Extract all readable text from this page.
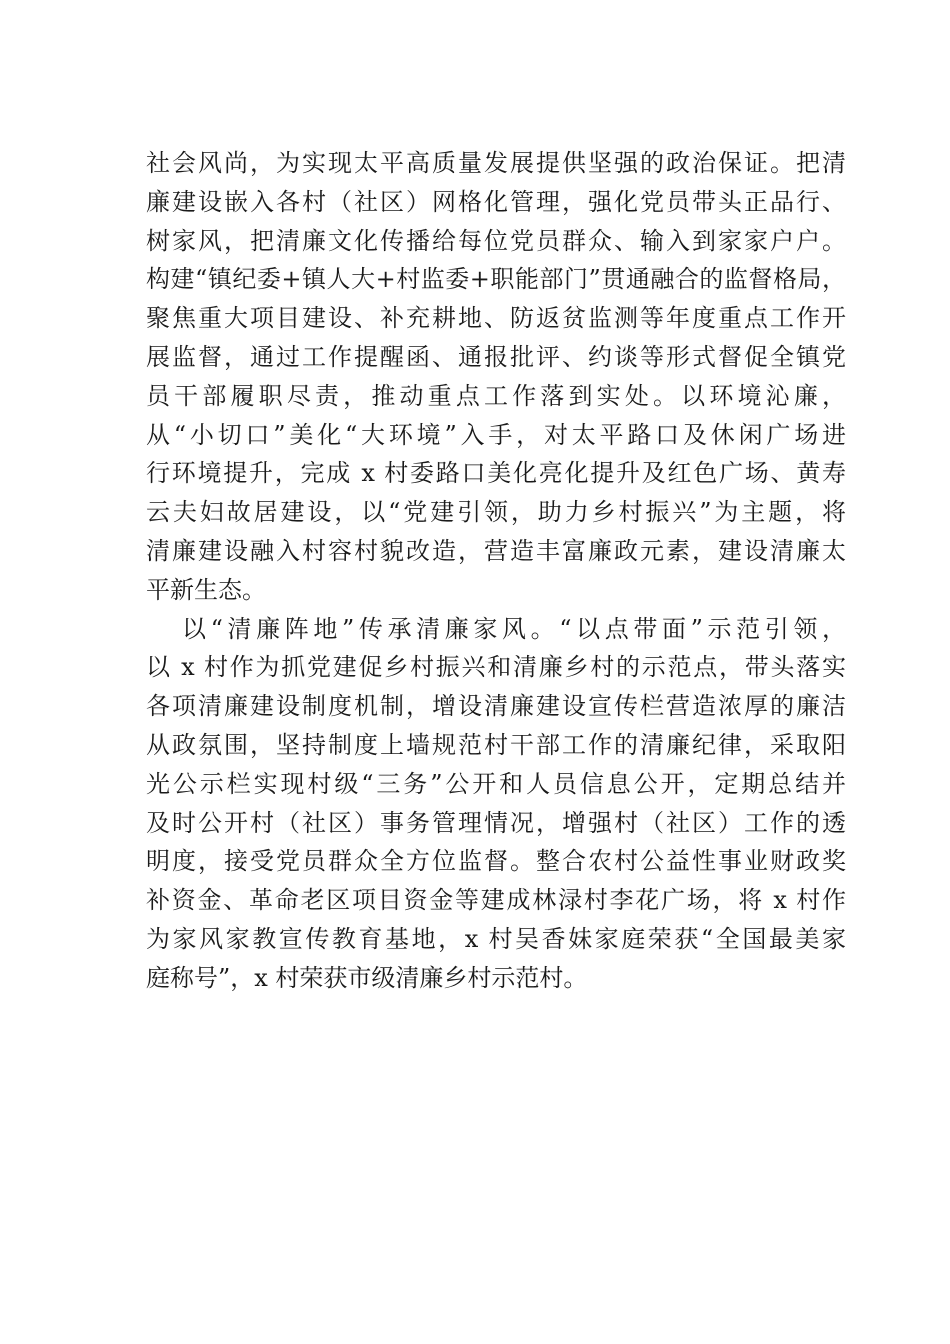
社会风尚，为实现太平高质量发展提供坚强的政治保证。把清
廉建设嵌入各村（社区）网格化管理，强化党员带头正品行、
树家风，把清廉文化传播给每位党员群众、输入到家家户户。
构建“镇纪委+镇人大+村监委+职能部门”贯通融合的监督格局，
聚焦重大项目建设、补充耕地、防返贫监测等年度重点工作开
展监督，通过工作提醒函、通报批评、约谈等形式督促全镇党
员干部履职尽责，推动重点工作落到实处。以环境沁廉，
从“小切口”美化“大环境”入手，对太平路口及休闲广场进
行环境提升，完成 x 村委路口美化亮化提升及红色广场、黄寿
云夫妇故居建设，以“党建引领，助力乡村振兴”为主题，将
清廉建设融入村容村貌改造，营造丰富廉政元素，建设清廉太
平新生态。
以“清廉阵地”传承清廉家风。“以点带面”示范引领，
以 x 村作为抓党建促乡村振兴和清廉乡村的示范点，带头落实
各项清廉建设制度机制，增设清廉建设宣传栏营造浓厚的廉洁
从政氛围，坚持制度上墙规范村干部工作的清廉纪律，采取阳
光公示栏实现村级“三务”公开和人员信息公开，定期总结并
及时公开村（社区）事务管理情况，增强村（社区）工作的透
明度，接受党员群众全方位监督。整合农村公益性事业财政奖
补资金、革命老区项目资金等建成林渌村李花广场，将 x 村作
为家风家教宣传教育基地，x 村吴香妹家庭荣获“全国最美家
庭称号”，x 村荣获市级清廉乡村示范村。
